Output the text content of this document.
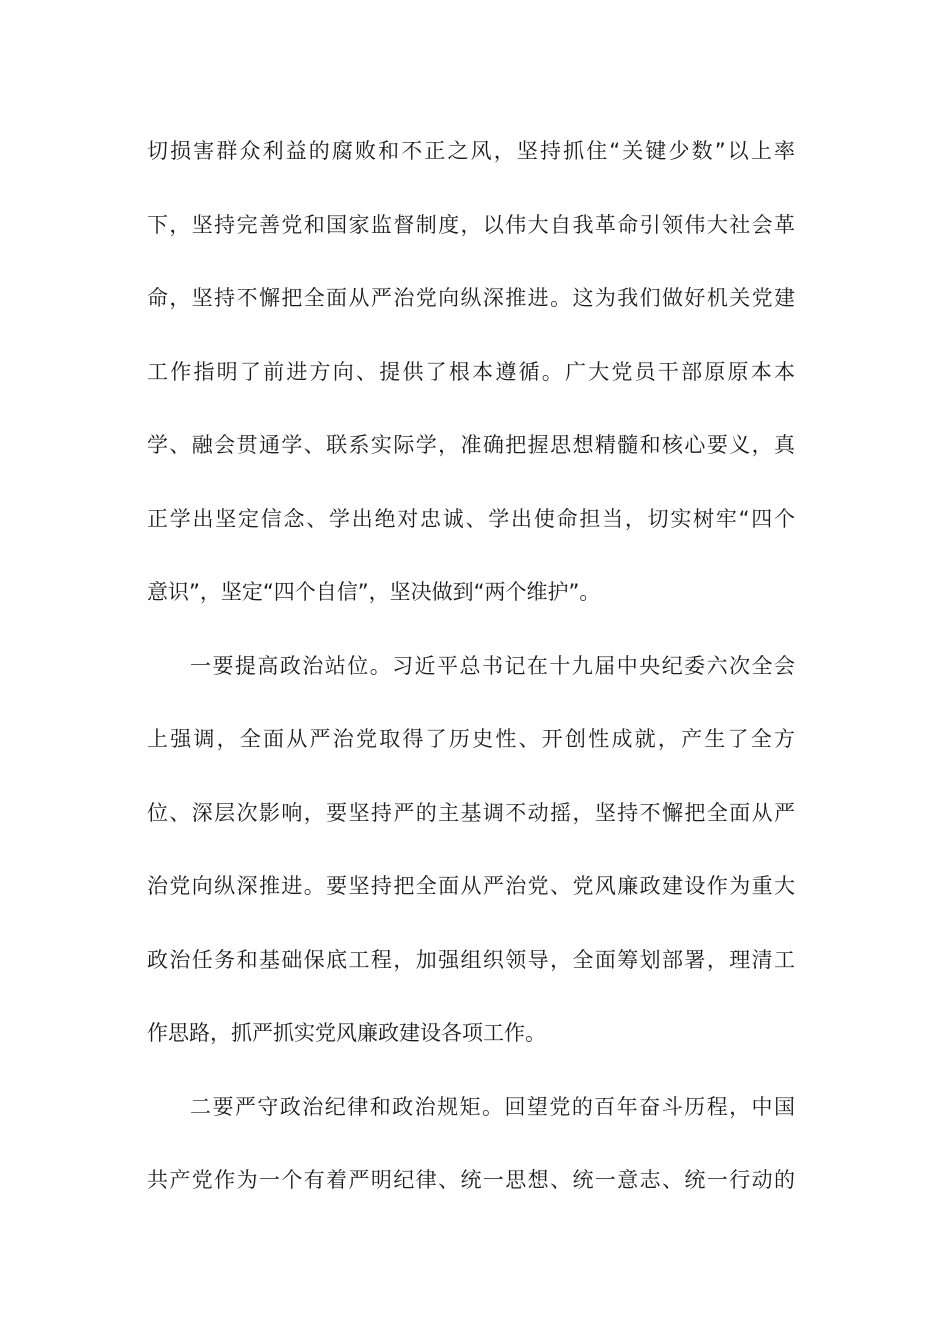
切损害群众利益的腐败和不正之风，坚持抓住“关键少数”以上率
下，坚持完善党和国家监督制度，以伟大自我革命引领伟大社会革
命，坚持不懈把全面从严治党向纵深推进。这为我们做好机关党建
工作指明了前进方向、提供了根本遵循。广大党员干部原原本本
学、融会贯通学、联系实际学，准确把握思想精髓和核心要义，真
正学出坚定信念、学出绝对忠诚、学出使命担当，切实树牢“四个
意识”，坚定“四个自信”，坚决做到“两个维护”。
一要提高政治站位。习近平总书记在十九届中央纪委六次全会
上强调，全面从严治党取得了历史性、开创性成就，产生了全方
位、深层次影响，要坚持严的主基调不动摇，坚持不懈把全面从严
治党向纵深推进。要坚持把全面从严治党、党风廉政建设作为重大
政治任务和基础保底工程，加强组织领导，全面筹划部署，理清工
作思路，抓严抓实党风廉政建设各项工作。
二要严守政治纪律和政治规矩。回望党的百年奋斗历程，中国
共产党作为一个有着严明纪律、统一思想、统一意志、统一行动的
